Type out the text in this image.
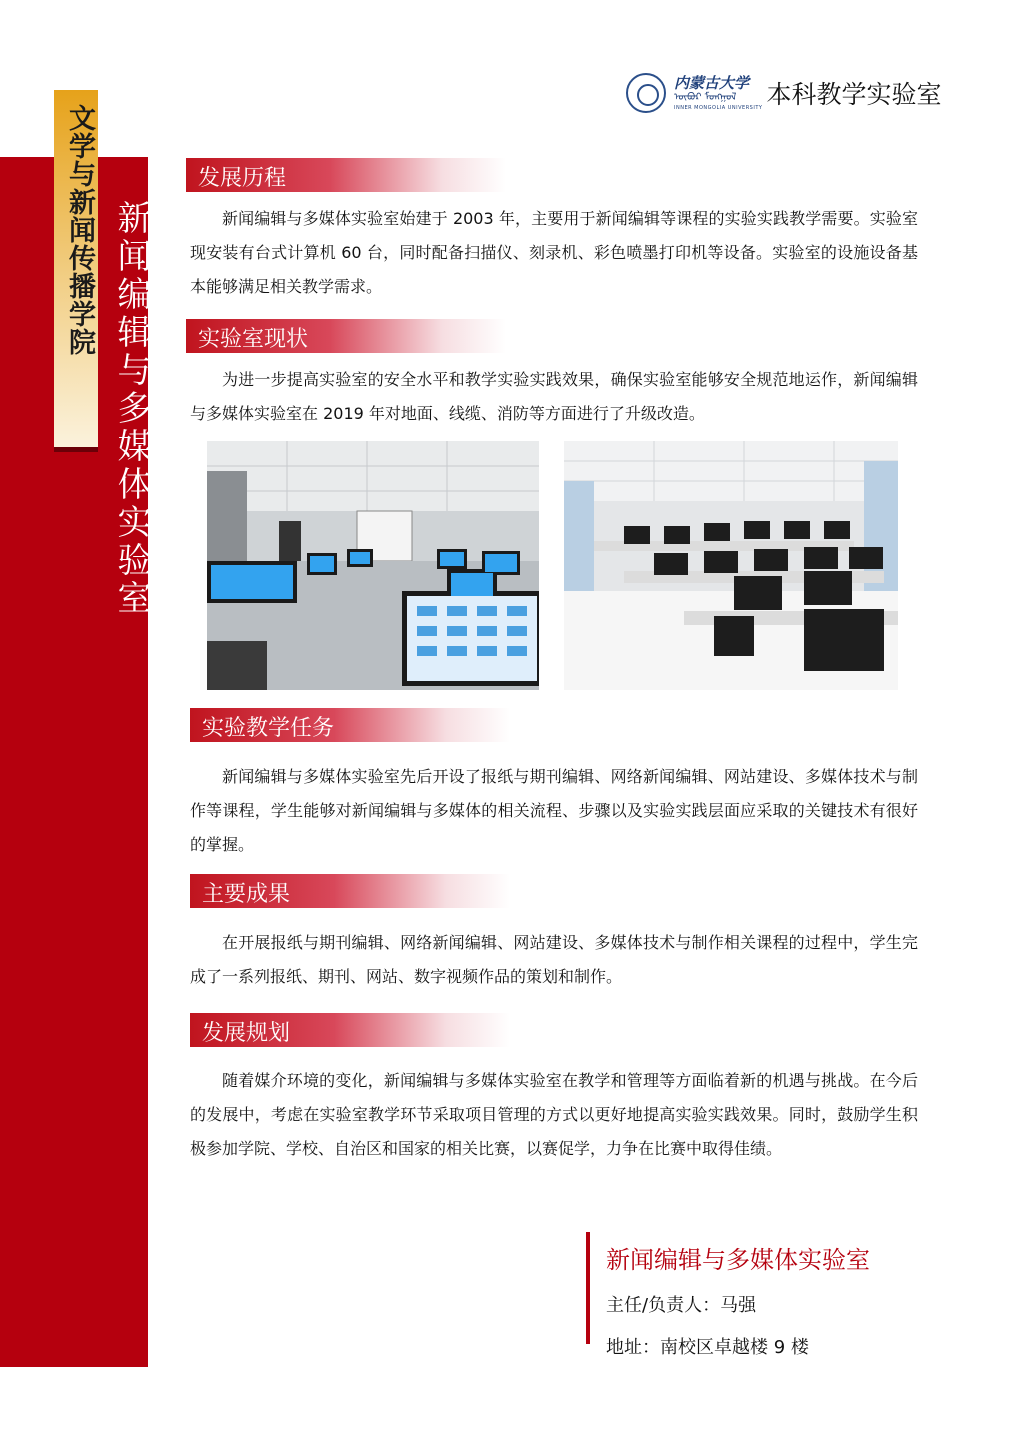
文学与新闻传播学院 新闻编辑与多媒体实验室
内蒙古大学
ᠥᠪᠦᠷ ᠮᠣᠩᠭᠣᠯ
INNER MONGOLIA UNIVERSITY 本科教学实验室
发展历程
新闻编辑与多媒体实验室始建于 2003 年，主要用于新闻编辑等课程的实验实践教学需要。实验室现安装有台式计算机 60 台，同时配备扫描仪、刻录机、彩色喷墨打印机等设备。实验室的设施设备基本能够满足相关教学需求。
实验室现状
为进一步提高实验室的安全水平和教学实验实践效果，确保实验室能够安全规范地运作，新闻编辑与多媒体实验室在 2019 年对地面、线缆、消防等方面进行了升级改造。
实验教学任务
新闻编辑与多媒体实验室先后开设了报纸与期刊编辑、网络新闻编辑、网站建设、多媒体技术与制作等课程，学生能够对新闻编辑与多媒体的相关流程、步骤以及实验实践层面应采取的关键技术有很好的掌握。
主要成果
在开展报纸与期刊编辑、网络新闻编辑、网站建设、多媒体技术与制作相关课程的过程中，学生完成了一系列报纸、期刊、网站、数字视频作品的策划和制作。
发展规划
随着媒介环境的变化，新闻编辑与多媒体实验室在教学和管理等方面临着新的机遇与挑战。在今后的发展中，考虑在实验室教学环节采取项目管理的方式以更好地提高实验实践效果。同时，鼓励学生积极参加学院、学校、自治区和国家的相关比赛，以赛促学，力争在比赛中取得佳绩。
新闻编辑与多媒体实验室
主任/负责人：马强
地址：南校区卓越楼 9 楼
